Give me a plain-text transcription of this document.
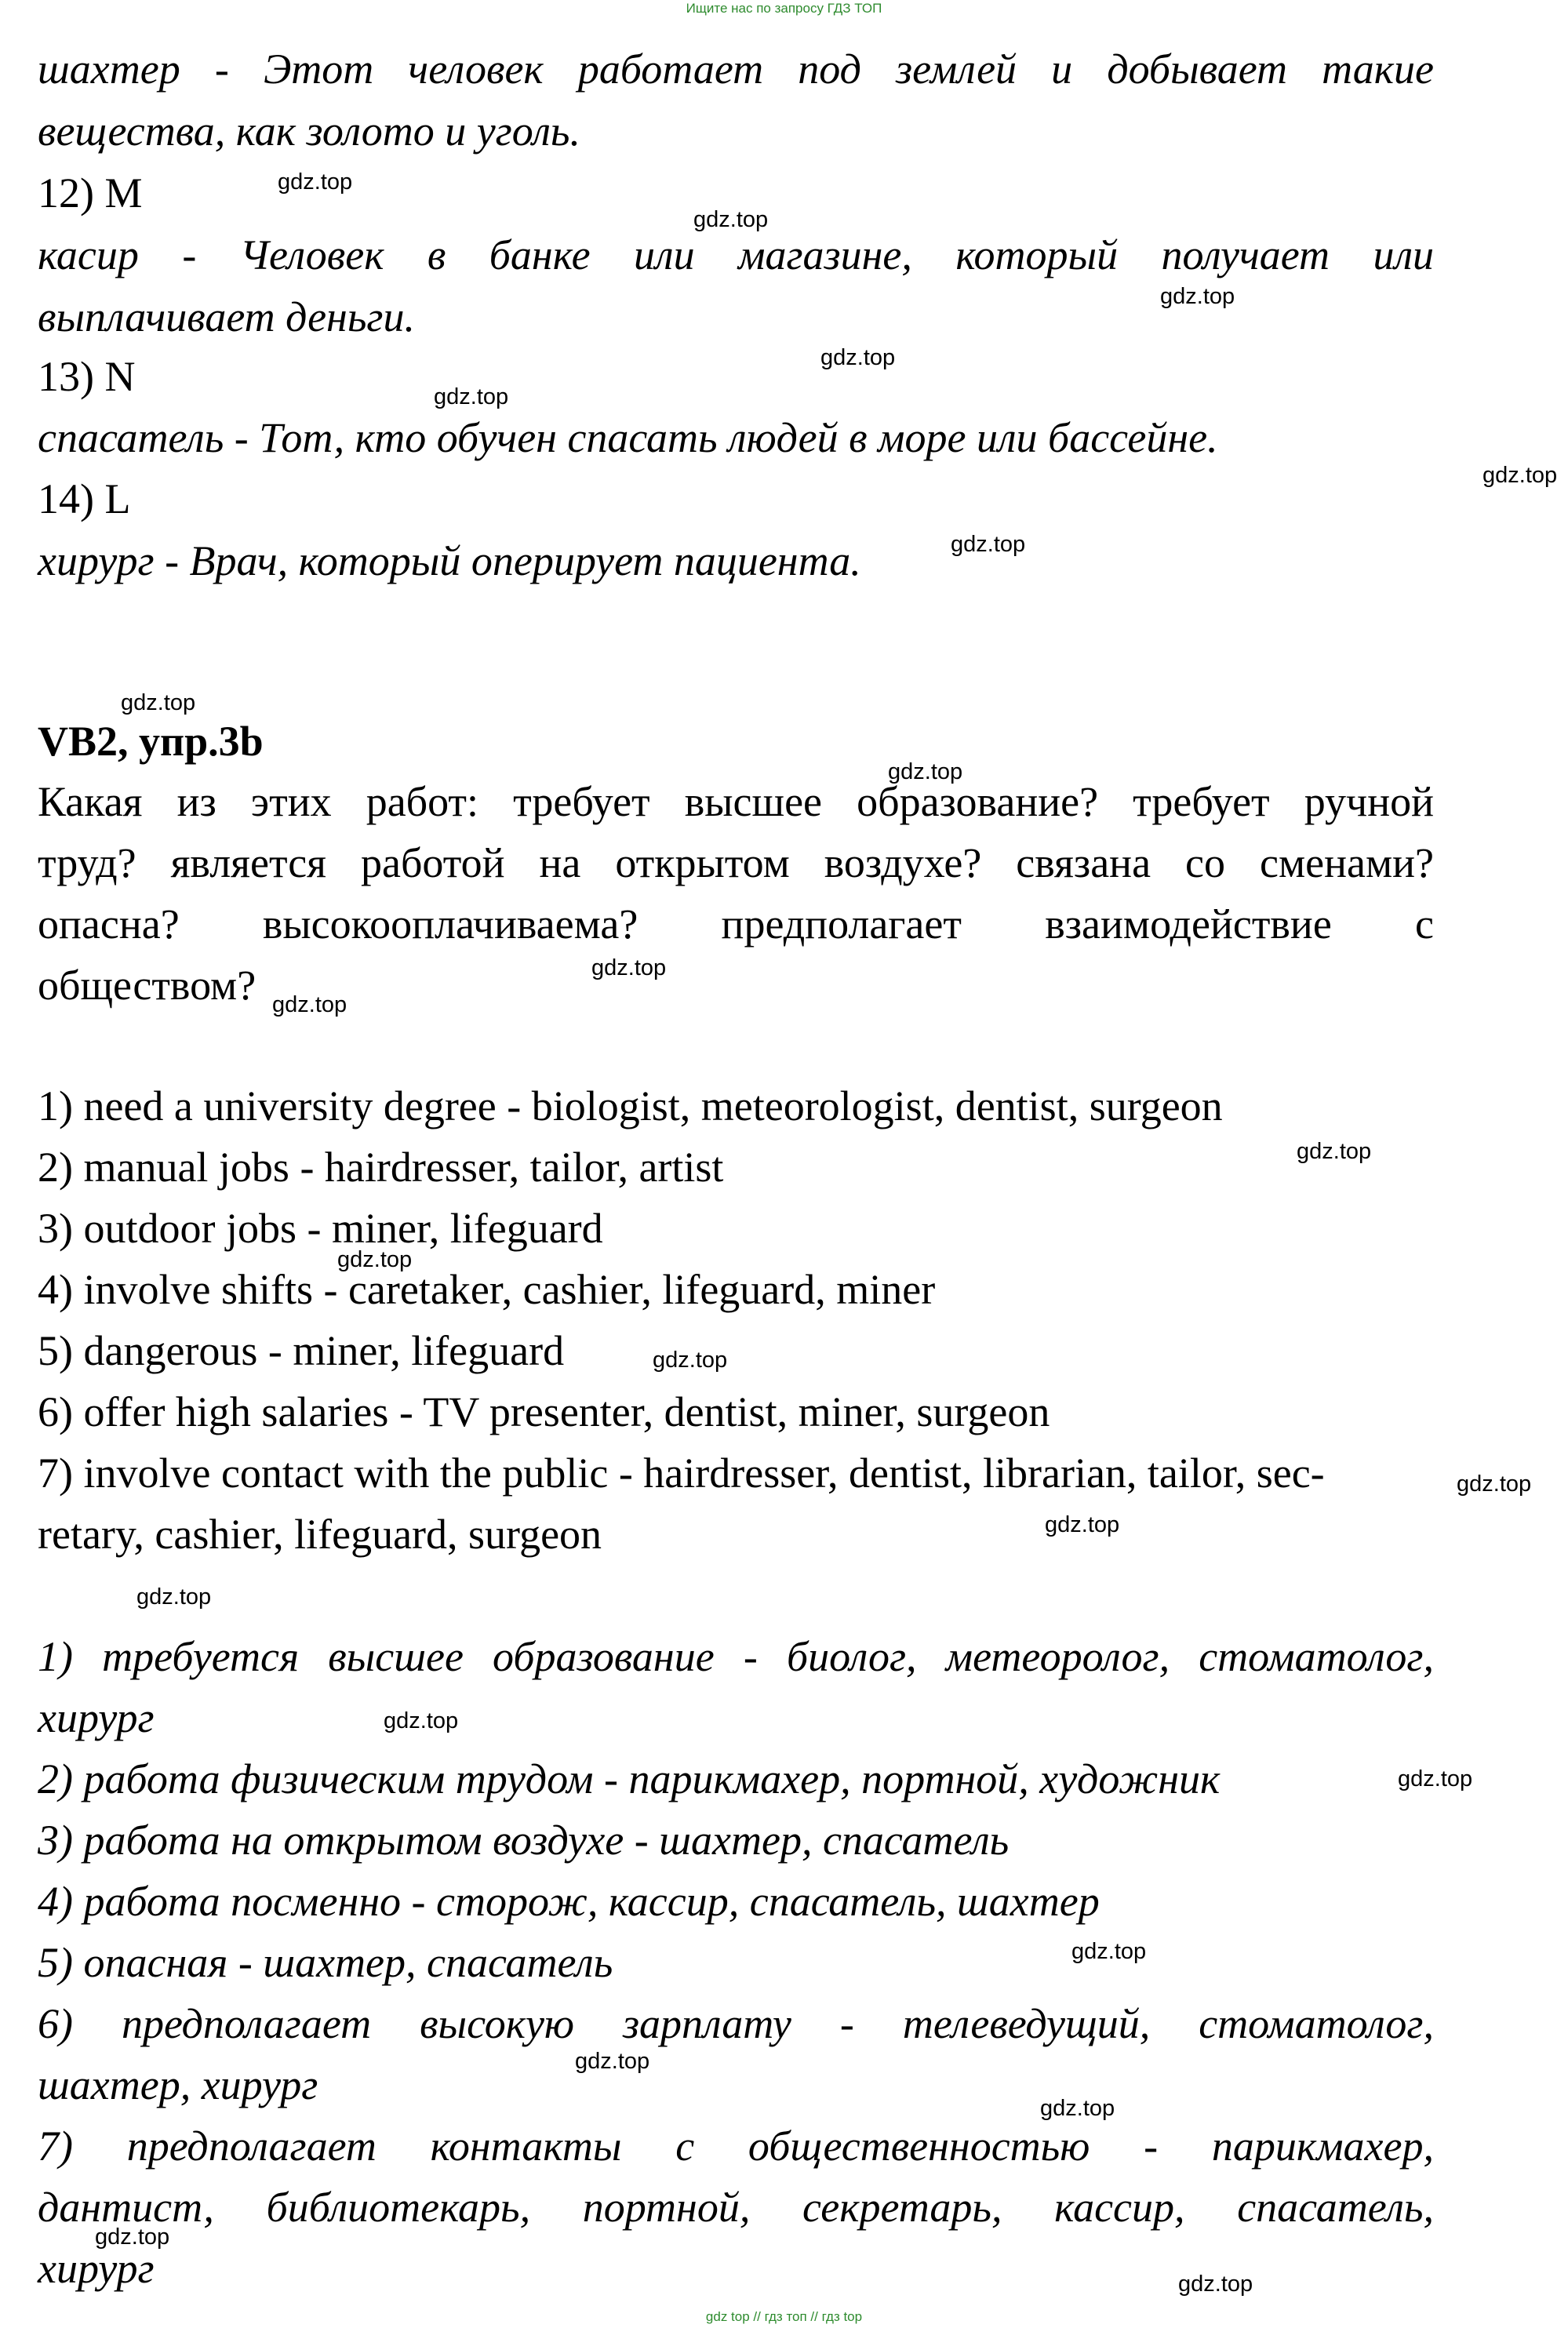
Ищите нас по запросу ГДЗ ТОП
шахтер - Этот человек работает под землей и добывает такие
вещества, как золото и уголь.
12) M
касир - Человек в банке или магазине, который получает или
выплачивает деньги.
13) N
спасатель - Тот, кто обучен спасать людей в море или бассейне.
14) L
хирург - Врач, который оперирует пациента.
VB2, упр.3b
Какая из этих работ: требует высшее образование? требует ручной
труд? является работой на открытом воздухе? связана со сменами?
опасна? высокооплачиваема? предполагает взаимодействие с
обществом?
1) need a university degree - biologist, meteorologist, dentist, surgeon
2) manual jobs - hairdresser, tailor, artist
3) outdoor jobs - miner, lifeguard
4) involve shifts - caretaker, cashier, lifeguard, miner
5) dangerous - miner, lifeguard
6) offer high salaries - TV presenter, dentist, miner, surgeon
7) involve contact with the public - hairdresser, dentist, librarian, tailor, sec-
retary, cashier, lifeguard, surgeon
1) требуется высшее образование - биолог, метеоролог, стоматолог,
хирург
2) работа физическим трудом - парикмахер, портной, художник
3) работа на открытом воздухе - шахтер, спасатель
4) работа посменно - сторож, кассир, спасатель, шахтер
5) опасная - шахтер, спасатель
6) предполагает высокую зарплату - телеведущий, стоматолог,
шахтер, хирург
7) предполагает контакты с общественностью - парикмахер,
дантист, библиотекарь, портной, секретарь, кассир, спасатель,
хирург
gdz.top
gdz.top
gdz.top
gdz.top
gdz.top
gdz.top
gdz.top
gdz.top
gdz.top
gdz.top
gdz.top
gdz.top
gdz.top
gdz.top
gdz.top
gdz.top
gdz.top
gdz.top
gdz.top
gdz.top
gdz.top
gdz.top
gdz.top
gdz.top
gdz top // гдз топ // гдз top
